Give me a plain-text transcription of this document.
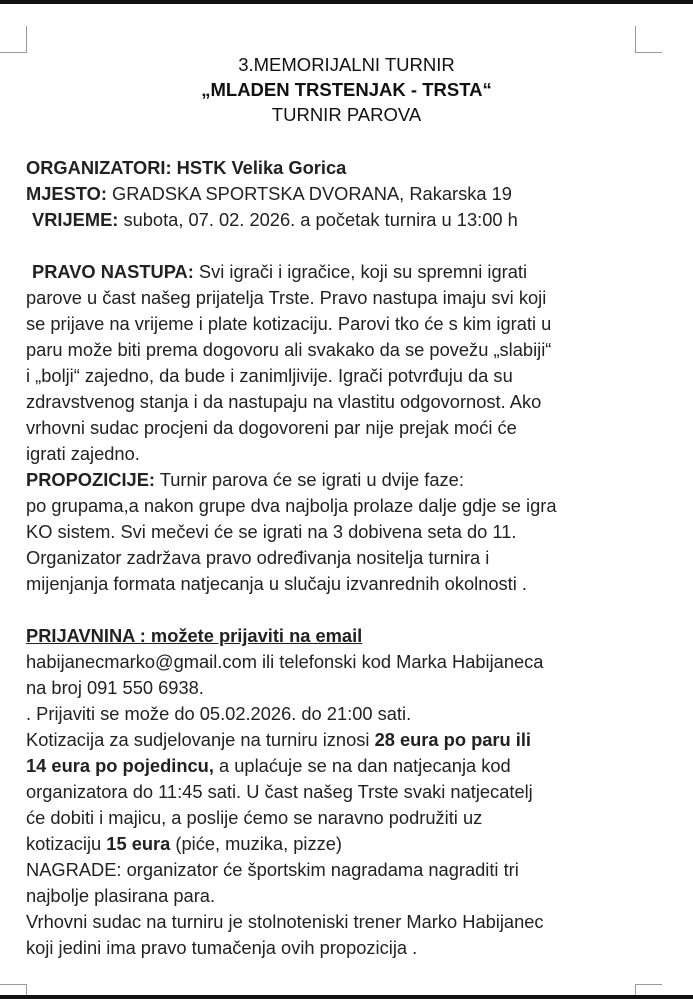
3.MEMORIJALNI TURNIR
„MLADEN TRSTENJAK - TRSTA“
TURNIR PAROVA
ORGANIZATORI: HSTK Velika Gorica
MJESTO: GRADSKA SPORTSKA DVORANA, Rakarska 19
VRIJEME: subota, 07. 02. 2026. a početak turnira u 13:00 h
PRAVO NASTUPA: Svi igrači i igračice, koji su spremni igrati
parove u čast našeg prijatelja Trste. Pravo nastupa imaju svi koji
se prijave na vrijeme i plate kotizaciju. Parovi tko će s kim igrati u
paru može biti prema dogovoru ali svakako da se povežu „slabiji“
i „bolji“ zajedno, da bude i zanimljivije. Igrači potvrđuju da su
zdravstvenog stanja i da nastupaju na vlastitu odgovornost. Ako
vrhovni sudac procjeni da dogovoreni par nije prejak moći će
igrati zajedno.
PROPOZICIJE: Turnir parova će se igrati u dvije faze:
po grupama,a nakon grupe dva najbolja prolaze dalje gdje se igra
KO sistem. Svi mečevi će se igrati na 3 dobivena seta do 11.
Organizator zadržava pravo određivanja nositelja turnira i
mijenjanja formata natjecanja u slučaju izvanrednih okolnosti .
PRIJAVNINA : možete prijaviti na email
habijanecmarko@gmail.com ili telefonski kod Marka Habijaneca
na broj 091 550 6938.
. Prijaviti se može do 05.02.2026. do 21:00 sati.
Kotizacija za sudjelovanje na turniru iznosi 28 eura po paru ili
14 eura po pojedincu, a uplaćuje se na dan natjecanja kod
organizatora do 11:45 sati. U čast našeg Trste svaki natjecatelj
će dobiti i majicu, a poslije ćemo se naravno podružiti uz
kotizaciju 15 eura (piće, muzika, pizze)
NAGRADE: organizator će športskim nagradama nagraditi tri
najbolje plasirana para.
Vrhovni sudac na turniru je stolnoteniski trener Marko Habijanec
koji jedini ima pravo tumačenja ovih propozicija .
